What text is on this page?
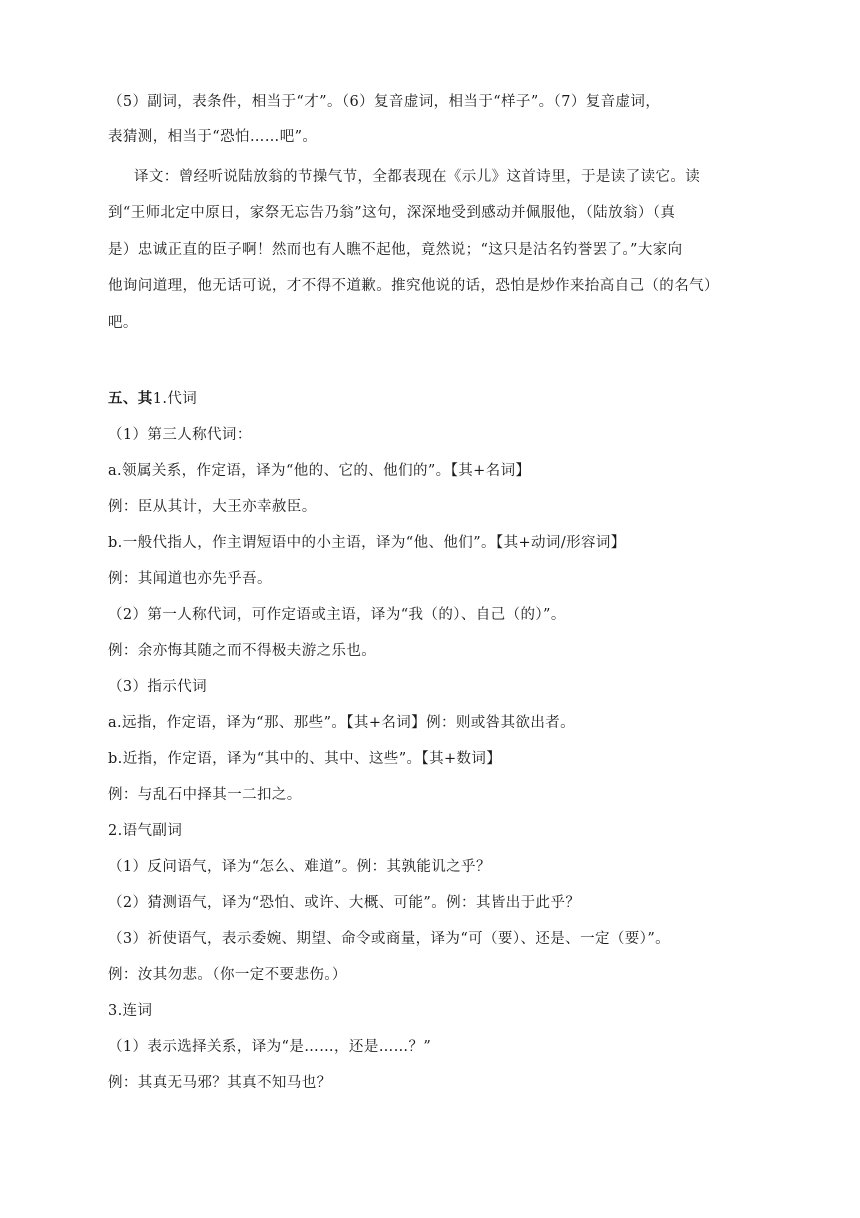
（5）副词，表条件，相当于“才”。（6）复音虚词，相当于“样子”。（7）复音虚词，
表猜测，相当于“恐怕……吧”。
译文：曾经听说陆放翁的节操气节，全都表现在《示儿》这首诗里，于是读了读它。读
到“王师北定中原日，家祭无忘告乃翁”这句，深深地受到感动并佩服他，（陆放翁）（真
是）忠诚正直的臣子啊！然而也有人瞧不起他，竟然说；“这只是沽名钓誉罢了。”大家向
他询问道理，他无话可说，才不得不道歉。推究他说的话，恐怕是炒作来抬高自己（的名气）
吧。
五、其1.代词
（1）第三人称代词：
a.领属关系，作定语，译为“他的、它的、他们的”。【其+名词】
例：臣从其计，大王亦幸赦臣。
b.一般代指人，作主谓短语中的小主语，译为“他、他们”。【其+动词/形容词】
例：其闻道也亦先乎吾。
（2）第一人称代词，可作定语或主语，译为“我（的）、自己（的）”。
例：余亦悔其随之而不得极夫游之乐也。
（3）指示代词
a.远指，作定语，译为“那、那些”。【其+名词】例：则或咎其欲出者。
b.近指，作定语，译为“其中的、其中、这些”。【其+数词】
例：与乱石中择其一二扣之。
2.语气副词
（1）反问语气，译为“怎么、难道”。例：其孰能讥之乎？
（2）猜测语气，译为“恐怕、或许、大概、可能”。例：其皆出于此乎？
（3）祈使语气，表示委婉、期望、命令或商量，译为“可（要）、还是、一定（要）”。
例：汝其勿悲。（你一定不要悲伤。）
3.连词
（1）表示选择关系，译为“是……，还是……？”
例：其真无马邪？其真不知马也？
